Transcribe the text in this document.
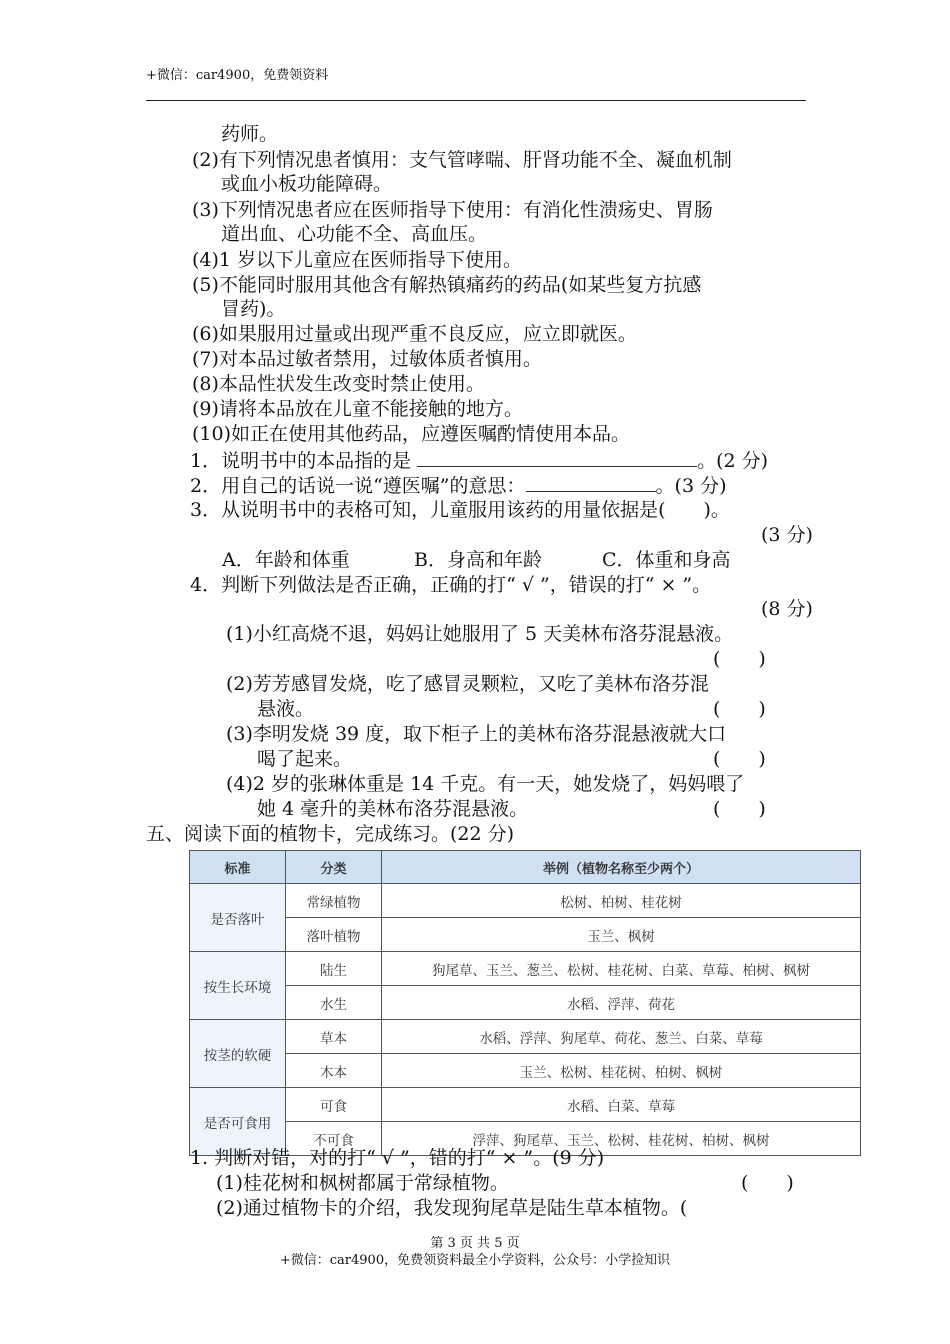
+微信：car4900，免费领资料
药师。
(2)有下列情况患者慎用：支气管哮喘、肝肾功能不全、凝血机制
或血小板功能障碍。
(3)下列情况患者应在医师指导下使用：有消化性溃疡史、胃肠
道出血、心功能不全、高血压。
(4)1 岁以下儿童应在医师指导下使用。
(5)不能同时服用其他含有解热镇痛药的药品(如某些复方抗感
冒药)。
(6)如果服用过量或出现严重不良反应，应立即就医。
(7)对本品过敏者禁用，过敏体质者慎用。
(8)本品性状发生改变时禁止使用。
(9)请将本品放在儿童不能接触的地方。
(10)如正在使用其他药品，应遵医嘱酌情使用本品。
1．说明书中的本品指的是	。(2 分)
2．用自己的话说一说“遵医嘱”的意思：	。(3 分)
3．从说明书中的表格可知，儿童服用该药的用量依据是(　　)。
(3 分)
A．年龄和体重	B．身高和年龄	C．体重和身高
4．判断下列做法是否正确，正确的打“ √ ”，错误的打“ × ”。
(8 分)
(1)小红高烧不退，妈妈让她服用了 5 天美林布洛芬混悬液。
(　　)
(2)芳芳感冒发烧，吃了感冒灵颗粒，又吃了美林布洛芬混
悬液。	(　　)
(3)李明发烧 39 度，取下柜子上的美林布洛芬混悬液就大口
喝了起来。	(　　)
(4)2 岁的张琳体重是 14 千克。有一天，她发烧了，妈妈喂了
她 4 毫升的美林布洛芬混悬液。	(　　)
五、阅读下面的植物卡，完成练习。(22 分)
标准	分类	举例（植物名称至少两个）
是否落叶	常绿植物	松树、柏树、桂花树
	落叶植物	玉兰、枫树
按生长环境	陆生	狗尾草、玉兰、葱兰、松树、桂花树、白菜、草莓、柏树、枫树
	水生	水稻、浮萍、荷花
按茎的软硬	草本	水稻、浮萍、狗尾草、荷花、葱兰、白菜、草莓
	木本	玉兰、松树、桂花树、柏树、枫树
是否可食用	可食	水稻、白菜、草莓
	不可食	浮萍、狗尾草、玉兰、松树、桂花树、柏树、枫树
1. 判断对错，对的打“ √ ”，错的打“ × ”。(9 分)
(1)桂花树和枫树都属于常绿植物。	(　　)
(2)通过植物卡的介绍，我发现狗尾草是陆生草本植物。(
第 3 页 共 5 页
+微信：car4900，免费领资料最全小学资料，公众号：小学捡知识
